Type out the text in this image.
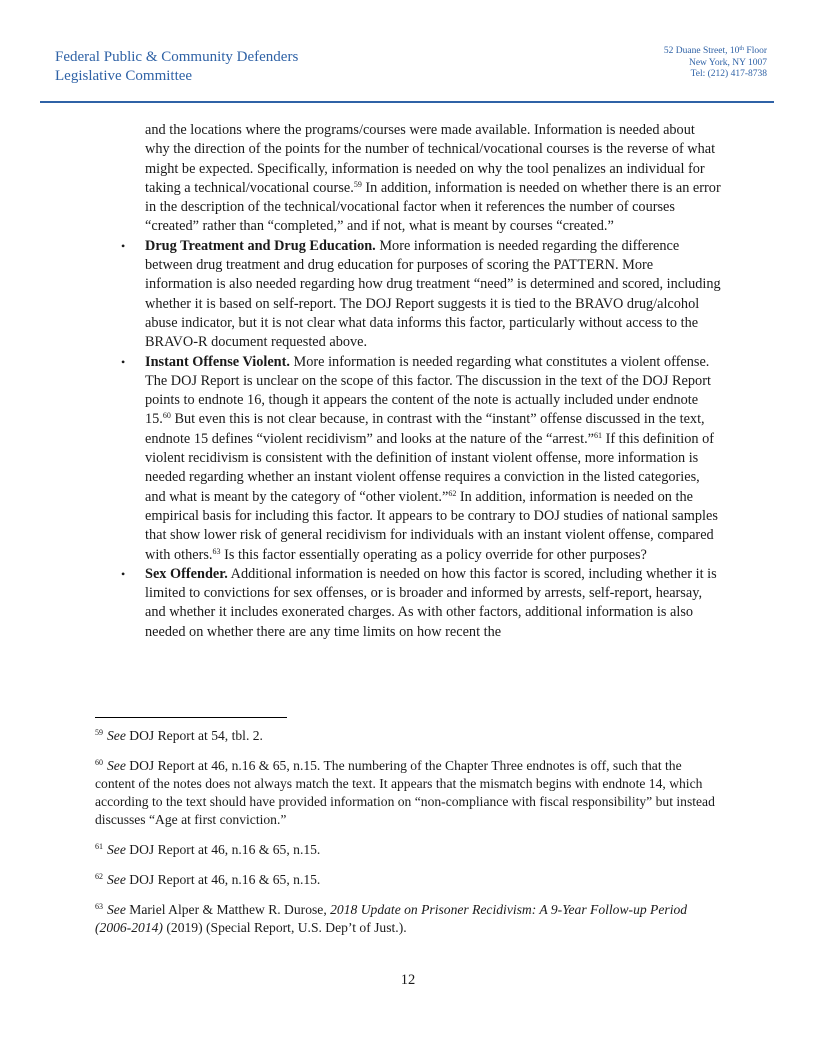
Federal Public & Community Defenders
Legislative Committee
52 Duane Street, 10th Floor
New York, NY 1007
Tel: (212) 417-8738

and the locations where the programs/courses were made available. Information is needed about why the direction of the points for the number of technical/vocational courses is the reverse of what might be expected. Specifically, information is needed on why the tool penalizes an individual for taking a technical/vocational course.$^{59}$ In addition, information is needed on whether there is an error in the description of the technical/vocational factor when it references the number of courses “created” rather than “completed,” and if not, what is meant by courses “created.”

• Drug Treatment and Drug Education. More information is needed regarding the difference between drug treatment and drug education for purposes of scoring the PATTERN. More information is also needed regarding how drug treatment “need” is determined and scored, including whether it is based on self-report. The DOJ Report suggests it is tied to the BRAVO drug/alcohol abuse indicator, but it is not clear what data informs this factor, particularly without access to the BRAVO-R document requested above.
• Instant Offense Violent. More information is needed regarding what constitutes a violent offense. The DOJ Report is unclear on the scope of this factor. The discussion in the text of the DOJ Report points to endnote 16, though it appears the content of the note is actually included under endnote 15.60 But even this is not clear because, in contrast with the “instant” offense discussed in the text, endnote 15 defines “violent recidivism” and looks at the nature of the “arrest.”$^{61}$ If this definition of violent recidivism is consistent with the definition of instant violent offense, more information is needed regarding whether an instant violent offense requires a conviction in the listed categories, and what is meant by the category of “other violent.”$^{62}$ In addition, information is needed on the empirical basis for including this factor. It appears to be contrary to DOJ studies of national samples that show lower risk of general recidivism for individuals with an instant violent offense, compared with others.$^{63}$ Is this factor essentially operating as a policy override for other purposes?
• Sex Offender. Additional information is needed on how this factor is scored, including whether it is limited to convictions for sex offenses, or is broader and informed by arrests, self-report, hearsay, and whether it includes exonerated charges. As with other factors, additional information is also needed on whether there are any time limits on how recent the

$^{59}$ See DOJ Report at 54, tbl. 2.

$^{60}$ See DOJ Report at 46, n.16 & 65, n.15. The numbering of the Chapter Three endnotes is off, such that the content of the notes does not always match the text. It appears that the mismatch begins with endnote 14, which according to the text should have provided information on “non-compliance with fiscal responsibility” but instead discusses “Age at first conviction.”

$^{61}$ See DOJ Report at 46, n.16 & 65, n.15.

$^{62}$ See DOJ Report at 46, n.16 & 65, n.15.

$^{63}$ See Mariel Alper & Matthew R. Durose, 2018 Update on Prisoner Recidivism: A 9-Year Follow-up Period (2006-2014) (2019) (Special Report, U.S. Dep’t of Just.).

12
